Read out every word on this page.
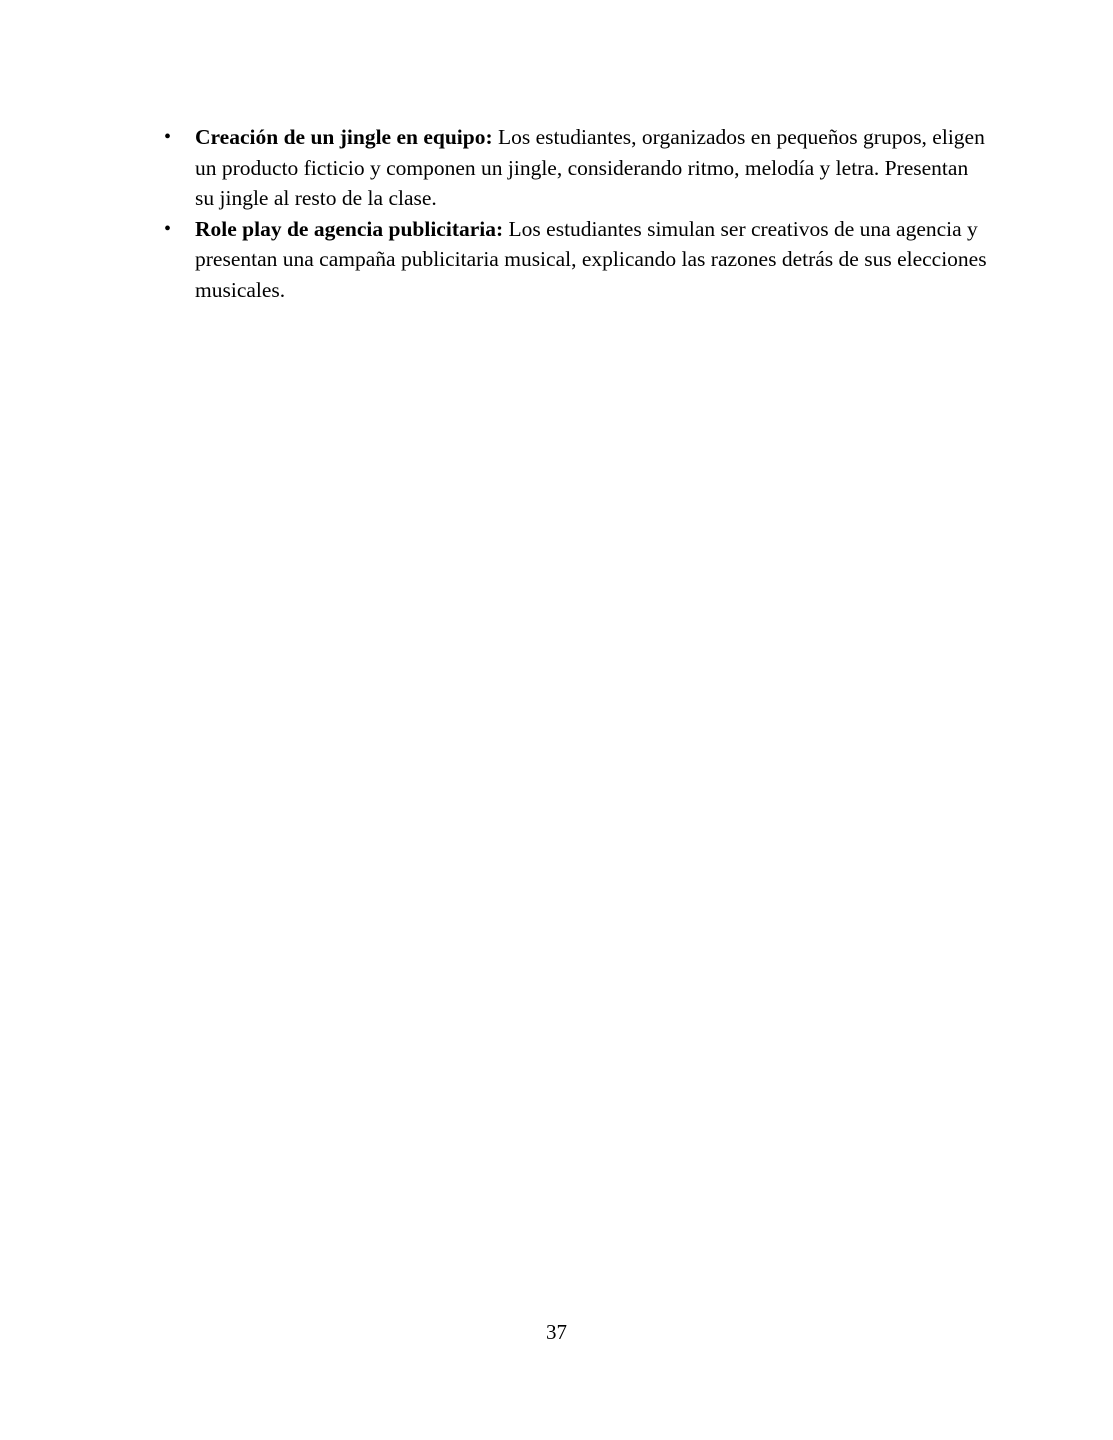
• Creación de un jingle en equipo: Los estudiantes, organizados en pequeños grupos, eligen un producto ficticio y componen un jingle, considerando ritmo, melodía y letra. Presentan su jingle al resto de la clase.
• Role play de agencia publicitaria: Los estudiantes simulan ser creativos de una agencia y presentan una campaña publicitaria musical, explicando las razones detrás de sus elecciones musicales.
37
